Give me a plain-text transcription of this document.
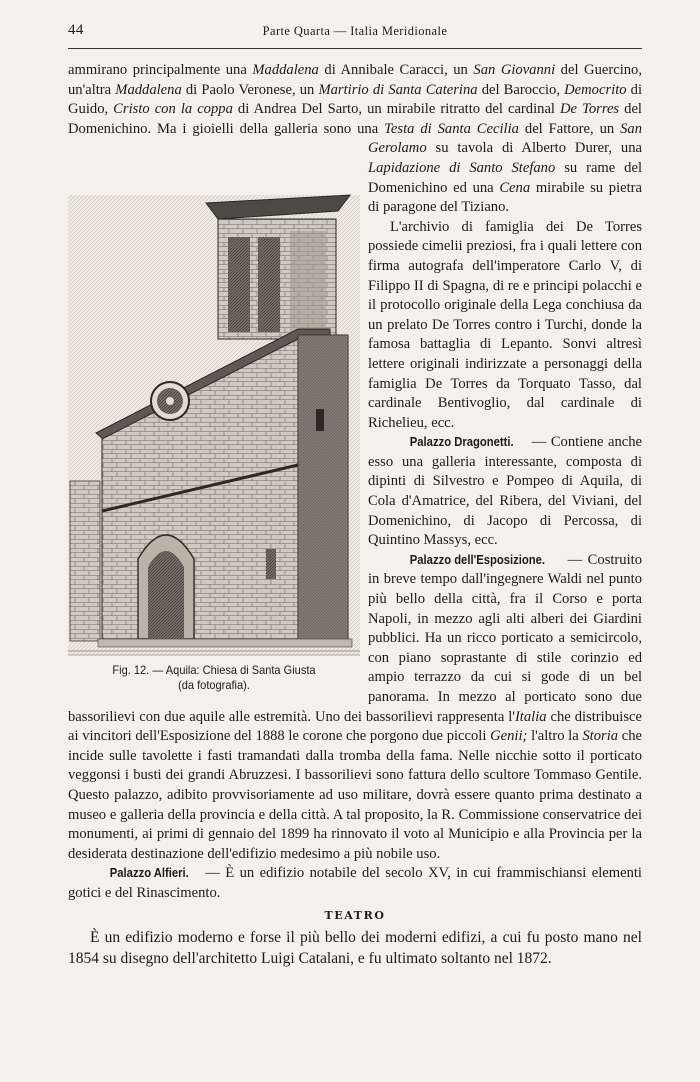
44	Parte Quarta — Italia Meridionale

ammirano principalmente una Maddalena di Annibale Caracci, un San Giovanni del Guercino, un'altra Maddalena di Paolo Veronese, un Martirio di Santa Caterina del Baroccio, Democrito di Guido, Cristo con la coppa di Andrea Del Sarto, un mirabile ritratto del cardinal De Torres del Domenichino. Ma i gioielli della galleria sono una Testa di Santa Cecilia del Fattore, un San Gerolamo su tavola di Alberto Durer, una
Fig. 12. — Aquila: Chiesa di Santa Giusta
(da fotografia).
Lapidazione di Santo Stefano su rame del Domenichino ed una Cena mirabile su pietra di paragone del Tiziano.

L'archivio di famiglia dei De Torres possiede cimelii preziosi, fra i quali lettere con firma autografa dell'imperatore Carlo V, di Filippo II di Spagna, di re e principi polacchi e il protocollo originale della Lega conchiusa da un prelato De Torres contro i Turchi, donde la famosa battaglia di Lepanto. Sonvi altresì lettere originali indirizzate a personaggi della famiglia De Torres da Torquato Tasso, dal cardinale Bentivoglio, dal cardinale di Richelieu, ecc.

Palazzo Dragonetti. — Contiene anche esso una galleria interessante, composta di dipinti di Silvestro e Pompeo di Aquila, di Cola d'Amatrice, del Ribera, del Viviani, del Domenichino, di Jacopo di Percossa, di Quintino Massys, ecc.

Palazzo dell'Esposizione. — Costruito in breve tempo dall'ingegnere Waldi nel punto più bello della città, fra il Corso e porta Napoli, in mezzo agli alti alberi dei Giardini pubblici. Ha un ricco porticato a semicircolo, con piano soprastante di stile corinzio ed ampio terrazzo da cui si gode di un bel panorama. In mezzo al porticato sono due bassorilievi con due aquile alle estremità. Uno dei bassorilievi rappresenta l'Italia che distribuisce ai vincitori dell'Esposizione del 1888 le corone che porgono due piccoli Genii; l'altro la Storia che incide sulle tavolette i fasti tramandati dalla tromba della fama. Nelle nicchie sotto il porticato veggonsi i busti dei grandi Abruzzesi. I bassorilievi sono fattura dello scultore Tommaso Gentile. Questo palazzo, adibito provvisoriamente ad uso militare, dovrà essere quanto prima destinato a museo e galleria della provincia e della città. A tal proposito, la R. Commissione conservatrice dei monumenti, ai primi di gennaio del 1899 ha rinnovato il voto al Municipio e alla Provincia per la desiderata destinazione dell'edifizio medesimo a più nobile uso.

Palazzo Alfieri. — È un edifizio notabile del secolo XV, in cui frammischiansi elementi gotici e del Rinascimento.

TEATRO

È un edifizio moderno e forse il più bello dei moderni edifizi, a cui fu posto mano nel 1854 su disegno dell'architetto Luigi Catalani, e fu ultimato soltanto nel 1872.
